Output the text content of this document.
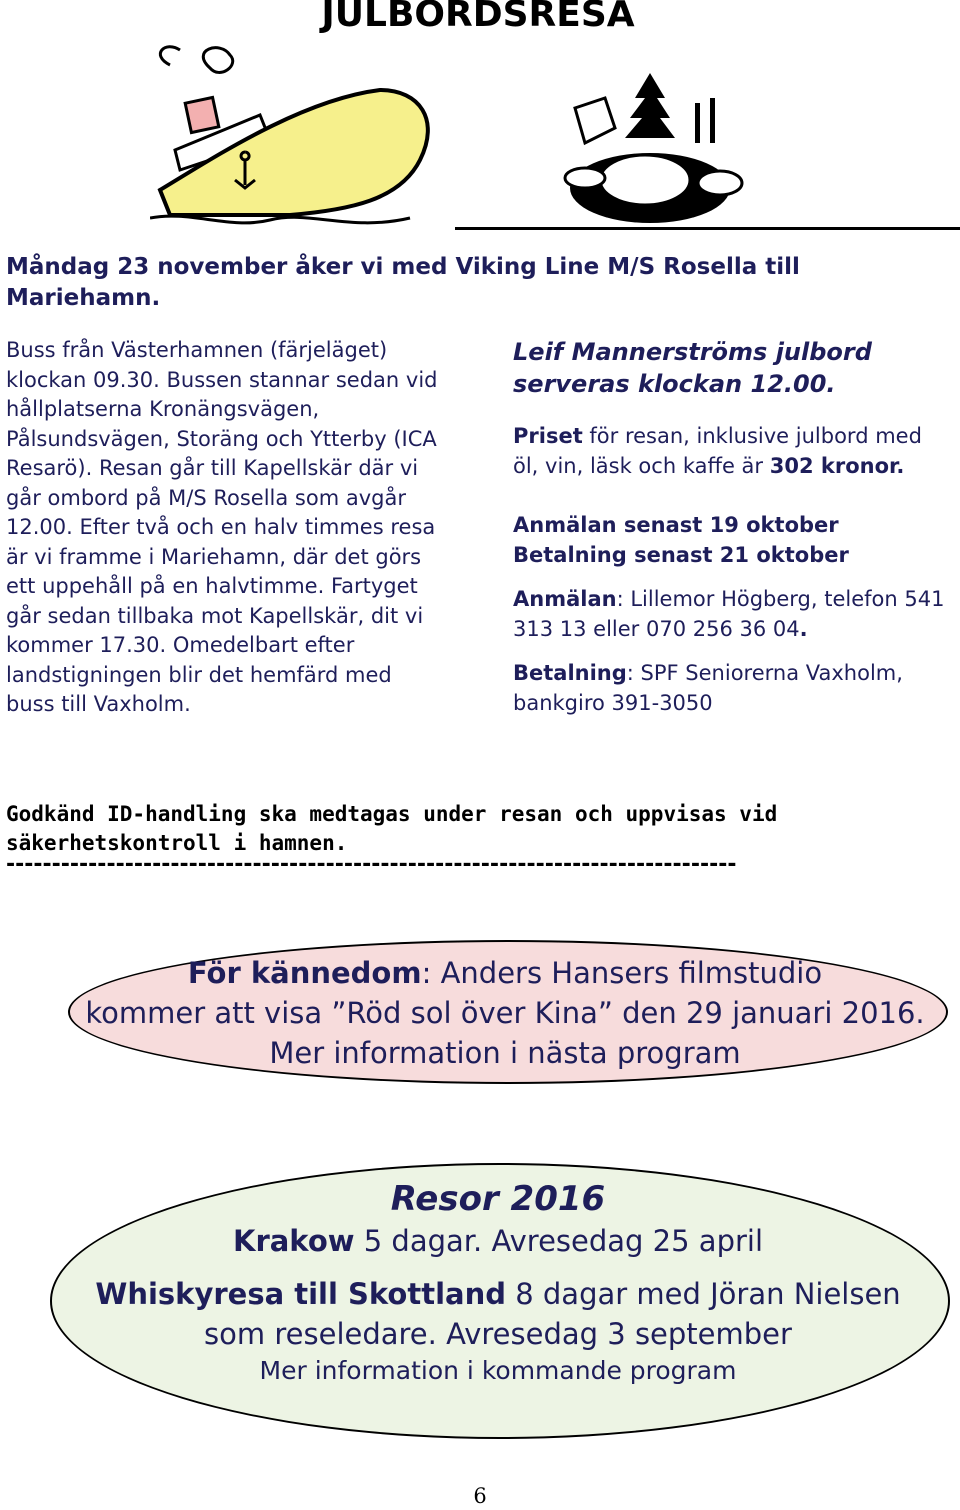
JULBORDSRESA
Måndag 23 november åker vi med Viking Line M/S Rosella till Mariehamn.
Buss från Västerhamnen (färjeläget) klockan 09.30. Bussen stannar sedan vid hållplatserna Kronängsvägen, Pålsundsvägen, Storäng och Ytterby (ICA Resarö). Resan går till Kapellskär där vi går ombord på M/S Rosella som avgår 12.00. Efter två och en halv timmes resa är vi framme i Mariehamn, där det görs ett uppehåll på en halvtimme. Fartyget går sedan tillbaka mot Kapellskär, dit vi kommer 17.30. Omedelbart efter landstigningen blir det hemfärd med buss till Vaxholm.

Leif Mannerströms julbord serveras klockan 12.00.

Priset för resan, inklusive julbord med öl, vin, läsk och kaffe är 302 kronor.

Anmälan senast 19 oktober

Betalning senast 21 oktober

Anmälan: Lillemor Högberg, telefon 541 313 13 eller 070 256 36 04.

Betalning: SPF Seniorerna Vaxholm, bankgiro 391-3050

Godkänd ID-handling ska medtagas under resan och uppvisas vid säkerhetskontroll i hamnen.
--------------------------------------------------------------------------------
För kännedom: Anders Hansers filmstudio
kommer att visa ”Röd sol över Kina” den 29 januari 2016.
Mer information i nästa program
Resor 2016
Krakow 5 dagar. Avresedag 25 april
Whiskyresa till Skottland 8 dagar med Jöran Nielsen som reseledare. Avresedag 3 september
Mer information i kommande program
6
